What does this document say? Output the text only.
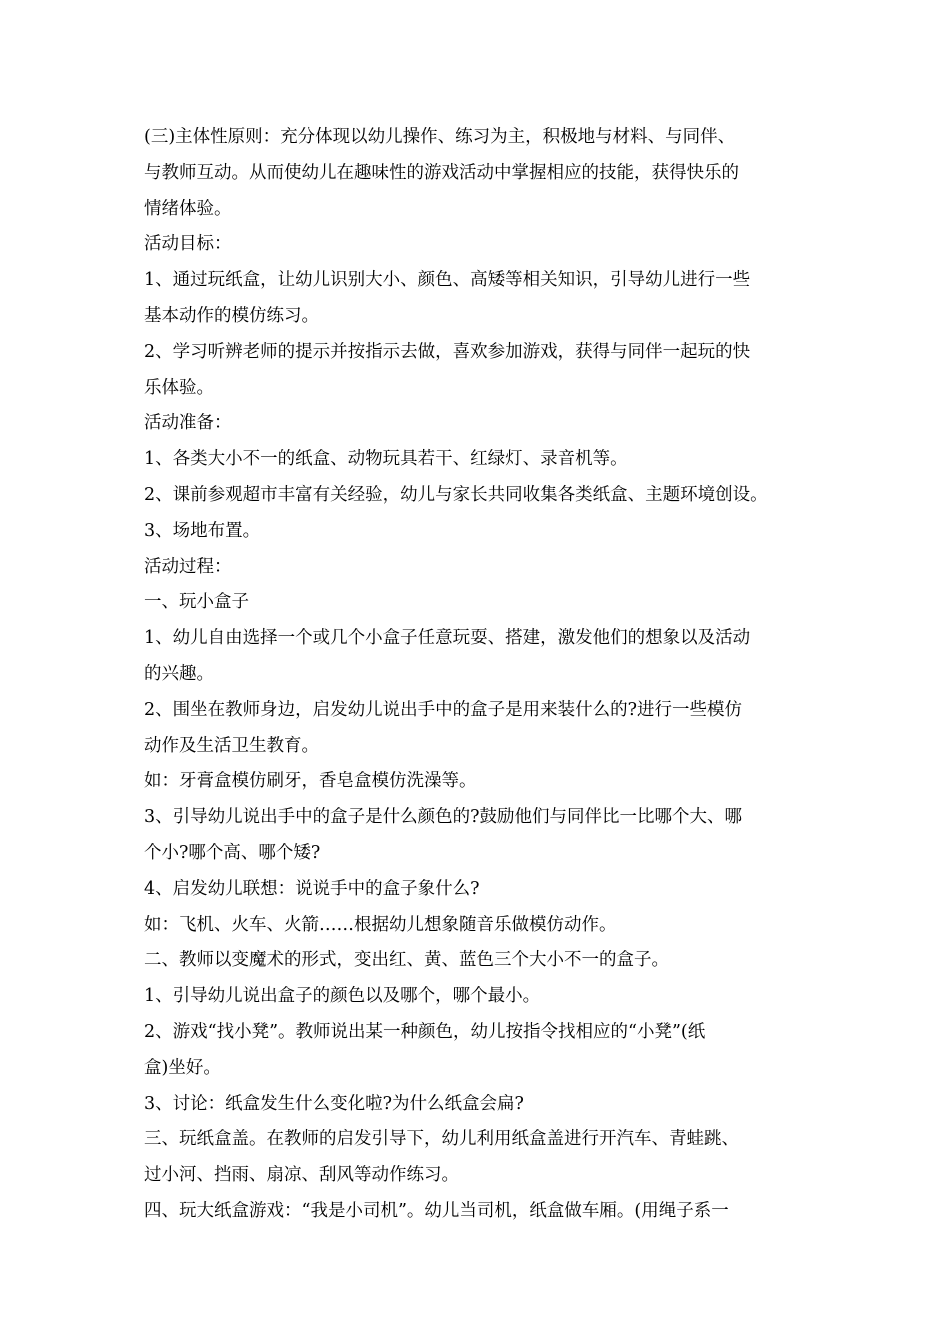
(三)主体性原则：充分体现以幼儿操作、练习为主，积极地与材料、与同伴、
与教师互动。从而使幼儿在趣味性的游戏活动中掌握相应的技能，获得快乐的
情绪体验。
活动目标：
1、通过玩纸盒，让幼儿识别大小、颜色、高矮等相关知识，引导幼儿进行一些
基本动作的模仿练习。
2、学习听辨老师的提示并按指示去做，喜欢参加游戏，获得与同伴一起玩的快
乐体验。
活动准备：
1、各类大小不一的纸盒、动物玩具若干、红绿灯、录音机等。
2、课前参观超市丰富有关经验，幼儿与家长共同收集各类纸盒、主题环境创设。
3、场地布置。
活动过程：
一、玩小盒子
1、幼儿自由选择一个或几个小盒子任意玩耍、搭建，激发他们的想象以及活动
的兴趣。
2、围坐在教师身边，启发幼儿说出手中的盒子是用来装什么的?进行一些模仿
动作及生活卫生教育。
如：牙膏盒模仿刷牙，香皂盒模仿洗澡等。
3、引导幼儿说出手中的盒子是什么颜色的?鼓励他们与同伴比一比哪个大、哪
个小?哪个高、哪个矮?
4、启发幼儿联想：说说手中的盒子象什么?
如：飞机、火车、火箭……根据幼儿想象随音乐做模仿动作。
二、教师以变魔术的形式，变出红、黄、蓝色三个大小不一的盒子。
1、引导幼儿说出盒子的颜色以及哪个，哪个最小。
2、游戏“找小凳”。教师说出某一种颜色，幼儿按指令找相应的“小凳”(纸
盒)坐好。
3、讨论：纸盒发生什么变化啦?为什么纸盒会扁?
三、玩纸盒盖。在教师的启发引导下，幼儿利用纸盒盖进行开汽车、青蛙跳、
过小河、挡雨、扇凉、刮风等动作练习。
四、玩大纸盒游戏：“我是小司机”。幼儿当司机，纸盒做车厢。(用绳子系一
